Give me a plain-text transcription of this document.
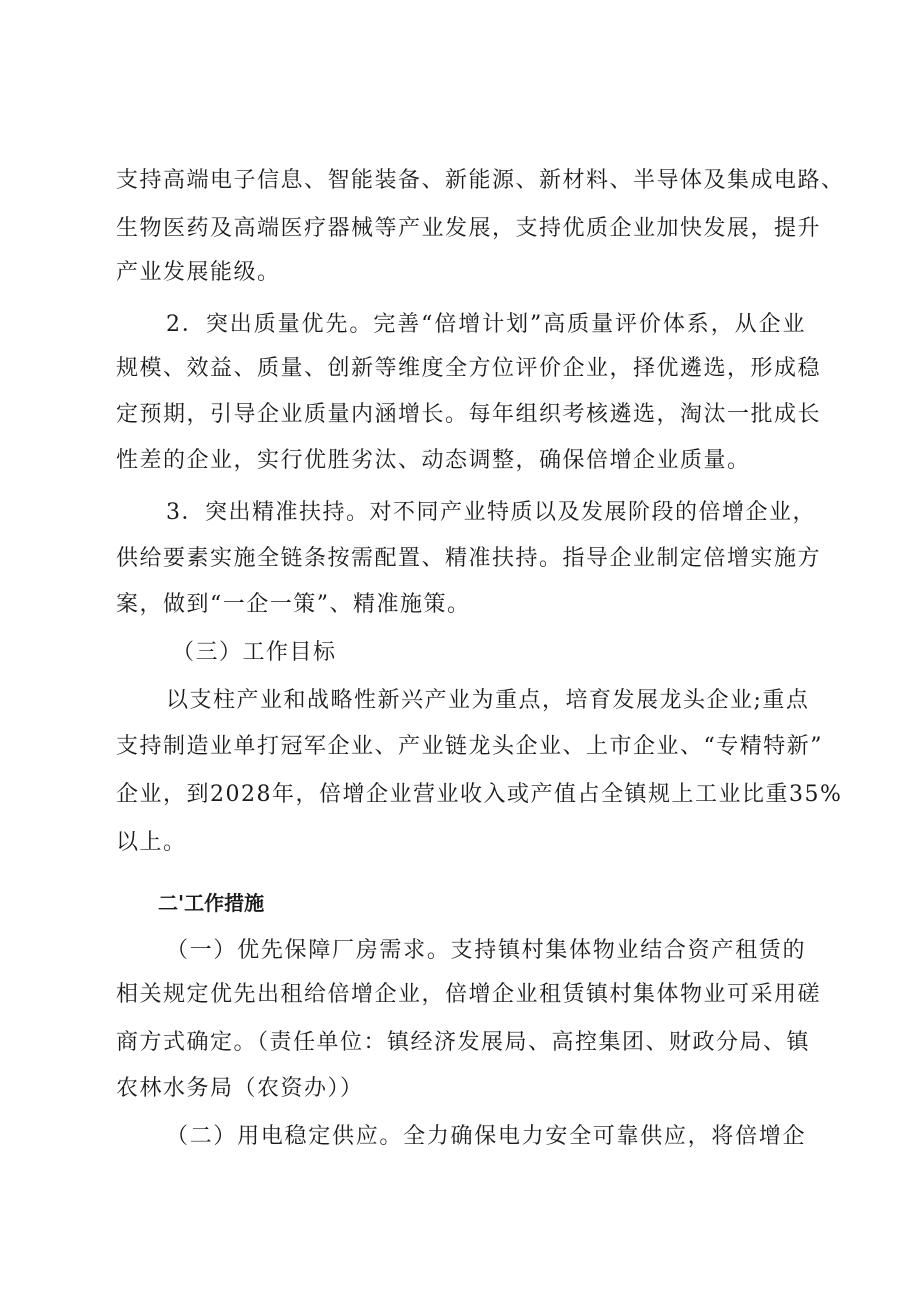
支持高端电子信息、智能装备、新能源、新材料、半导体及集成电路、
生物医药及高端医疗器械等产业发展，支持优质企业加快发展，提升
产业发展能级。
2．突出质量优先。完善“倍增计划”高质量评价体系，从企业
规模、效益、质量、创新等维度全方位评价企业，择优遴选，形成稳
定预期，引导企业质量内涵增长。每年组织考核遴选，淘汰一批成长
性差的企业，实行优胜劣汰、动态调整，确保倍增企业质量。
3．突出精准扶持。对不同产业特质以及发展阶段的倍增企业，
供给要素实施全链条按需配置、精准扶持。指导企业制定倍增实施方
案，做到“一企一策”、精准施策。
（三）工作目标
以支柱产业和战略性新兴产业为重点，培育发展龙头企业;重点
支持制造业单打冠军企业、产业链龙头企业、上市企业、“专精特新”
企业，到2028年，倍增企业营业收入或产值占全镇规上工业比重35%
以上。
二'工作措施
（一）优先保障厂房需求。支持镇村集体物业结合资产租赁的
相关规定优先出租给倍增企业，倍增企业租赁镇村集体物业可采用磋
商方式确定。（责任单位：镇经济发展局、高控集团、财政分局、镇
农林水务局（农资办））
（二）用电稳定供应。全力确保电力安全可靠供应，将倍增企
